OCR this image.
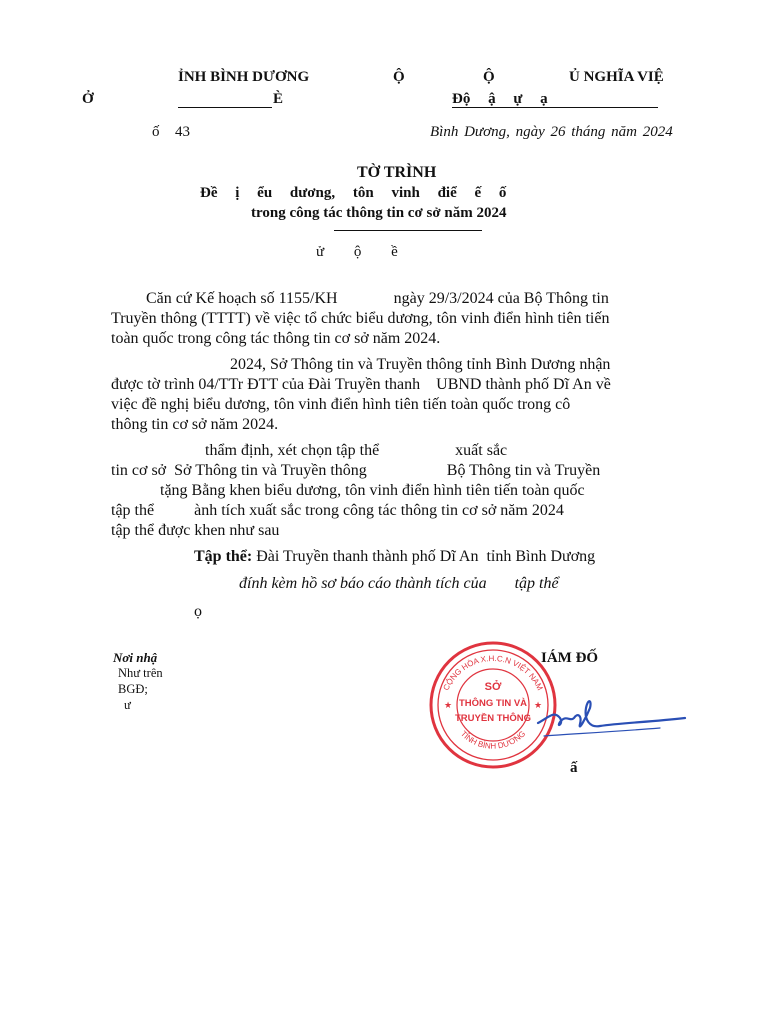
ỈNH BÌNH DƯƠNG	Ộ	Ộ	Ủ NGHĨA VIỆ
Ở	È	Độ ậ ự ạ
ố 43	Bình Dương, ngày 26 tháng năm 2024
TỜ TRÌNH
Đề ị ểu dương, tôn vinh điể ế ố
trong công tác thông tin cơ sở năm 2024
ử ộ ề
Căn cứ Kế hoạch số 1155/KH              ngày 29/3/2024 của Bộ Thông tin
Truyền thông (TTTT) về việc tổ chức biểu dương, tôn vinh điển hình tiên tiến
toàn quốc trong công tác thông tin cơ sở năm 2024.
2024, Sở Thông tin và Truyền thông tỉnh Bình Dương nhận
được tờ trình 04/TTr ĐTT của Đài Truyền thanh    UBND thành phố Dĩ An về
việc đề nghị biểu dương, tôn vinh điển hình tiên tiến toàn quốc trong cô
thông tin cơ sở năm 2024.
thẩm định, xét chọn tập thể                   xuất sắc
tin cơ sở  Sở Thông tin và Truyền thông                    Bộ Thông tin và Truyền
tặng Bằng khen biểu dương, tôn vinh điển hình tiên tiến toàn quốc
tập thể          ành tích xuất sắc trong công tác thông tin cơ sở năm 2024
tập thể được khen như sau
Tập thể: Đài Truyền thanh thành phố Dĩ An  tỉnh Bình Dương
đính kèm hồ sơ báo cáo thành tích của       tập thể
ọ
Nơi nhậ
Như trên
BGĐ;
ư
IÁM ĐỐ
CỘNG HÒA X.H.C.N VIỆT NAM
TỈNH BÌNH DƯƠNG
SỞ
THÔNG TIN VÀ
TRUYỀN THÔNG
★	★
ấ
